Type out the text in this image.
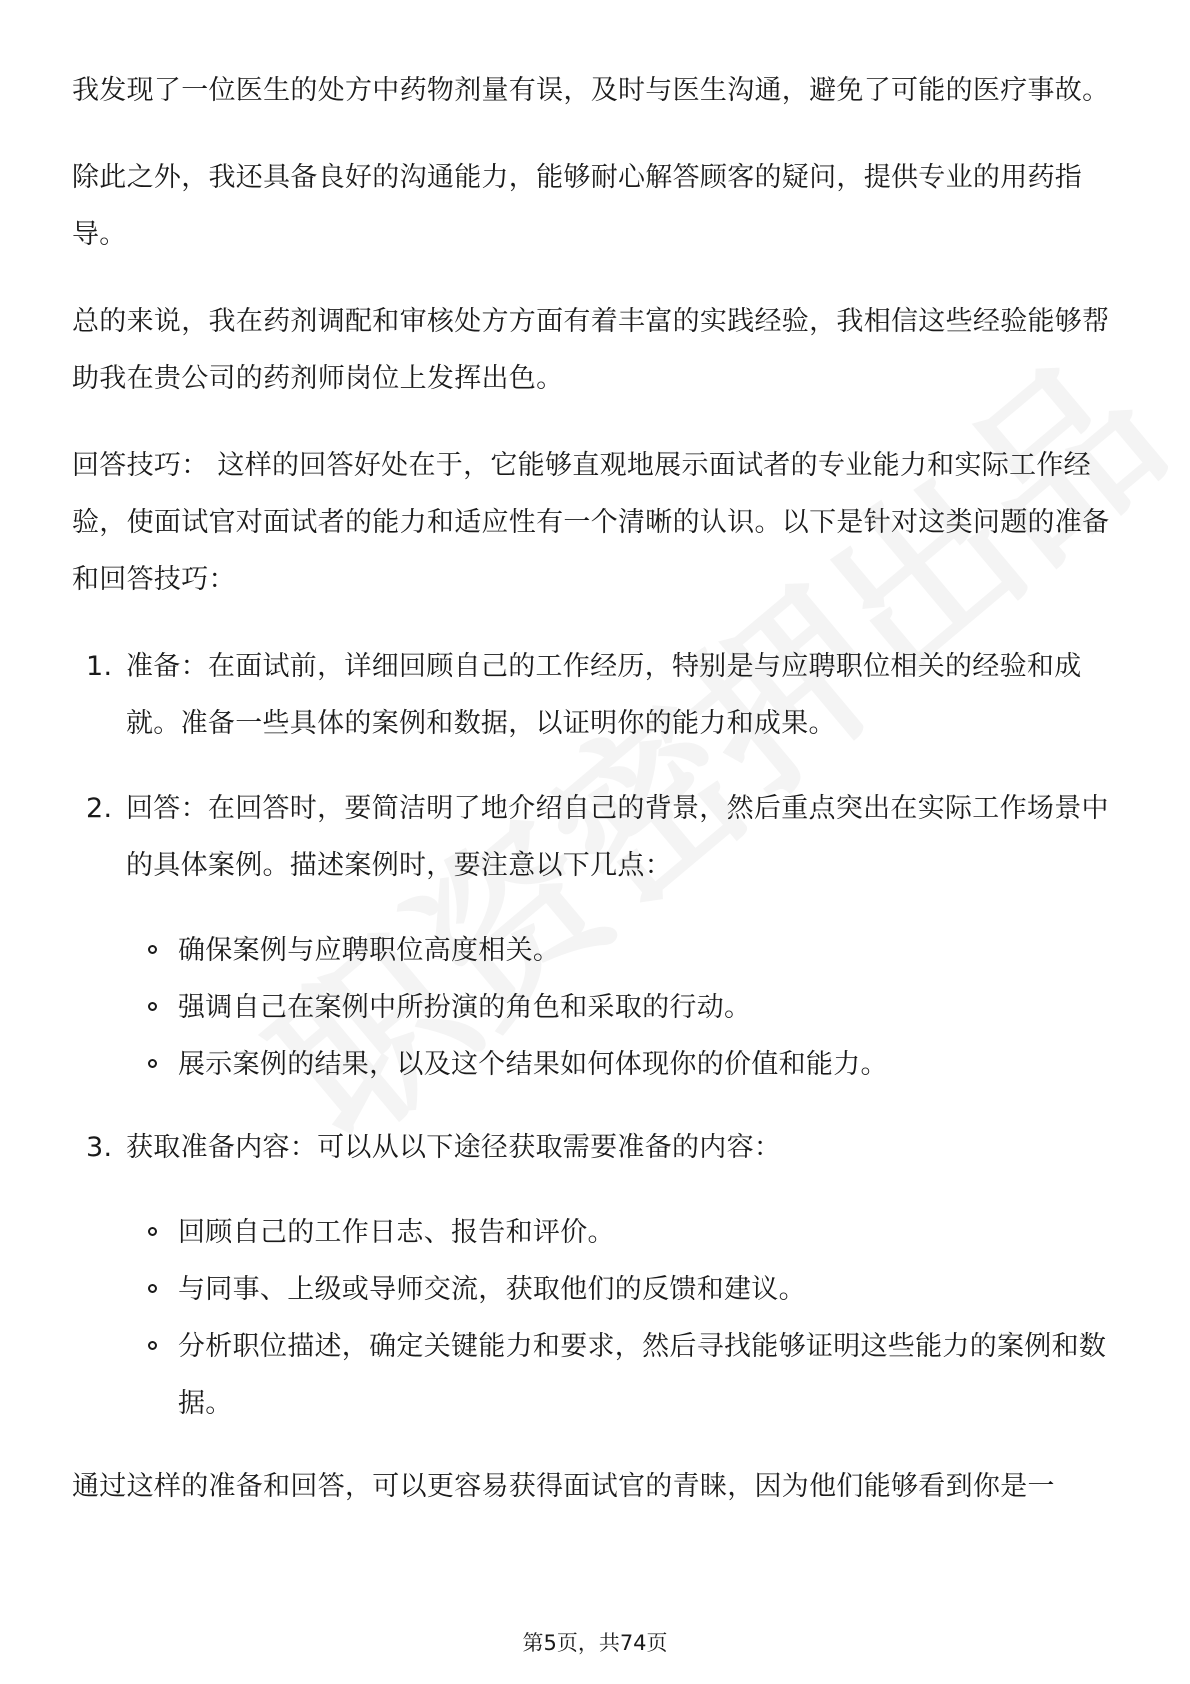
我发现了一位医生的处方中药物剂量有误，及时与医生沟通，避免了可能的医疗事故。

除此之外，我还具备良好的沟通能力，能够耐心解答顾客的疑问，提供专业的用药指导。

总的来说，我在药剂调配和审核处方方面有着丰富的实践经验，我相信这些经验能够帮助我在贵公司的药剂师岗位上发挥出色。

回答技巧： 这样的回答好处在于，它能够直观地展示面试者的专业能力和实际工作经验，使面试官对面试者的能力和适应性有一个清晰的认识。以下是针对这类问题的准备和回答技巧：

1. 准备：在面试前，详细回顾自己的工作经历，特别是与应聘职位相关的经验和成就。准备一些具体的案例和数据，以证明你的能力和成果。
2. 回答：在回答时，要简洁明了地介绍自己的背景，然后重点突出在实际工作场景中的具体案例。描述案例时，要注意以下几点：
确保案例与应聘职位高度相关。
强调自己在案例中所扮演的角色和采取的行动。
展示案例的结果，以及这个结果如何体现你的价值和能力。
3. 获取准备内容：可以从以下途径获取需要准备的内容：
回顾自己的工作日志、报告和评价。
与同事、上级或导师交流，获取他们的反馈和建议。
分析职位描述，确定关键能力和要求，然后寻找能够证明这些能力的案例和数据。

通过这样的准备和回答，可以更容易获得面试官的青睐，因为他们能够看到你是一

第5页，共74页
